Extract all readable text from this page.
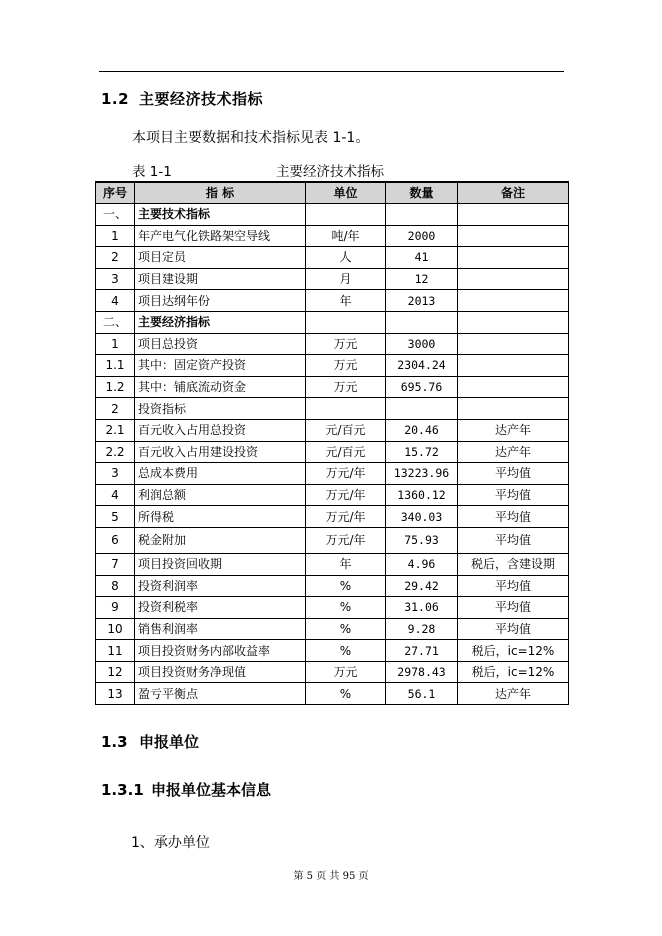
1.2 主要经济技术指标
本项目主要数据和技术指标见表 1-1。
表 1-1	主要经济技术指标
序号	指 标	单位	数量	备注
一、	主要技术指标			
1	年产电气化铁路架空导线	吨/年	2000	
2	项目定员	人	41	
3	项目建设期	月	12	
4	项目达纲年份	年	2013	
二、	主要经济指标			
1	项目总投资	万元	3000	
1.1	其中：固定资产投资	万元	2304.24	
1.2	其中：铺底流动资金	万元	695.76	
2	投资指标			
2.1	百元收入占用总投资	元/百元	20.46	达产年
2.2	百元收入占用建设投资	元/百元	15.72	达产年
3	总成本费用	万元/年	13223.96	平均值
4	利润总额	万元/年	1360.12	平均值
5	所得税	万元/年	340.03	平均值
6	税金附加	万元/年	75.93	平均值
7	项目投资回收期	年	4.96	税后，含建设期
8	投资利润率	%	29.42	平均值
9	投资利税率	%	31.06	平均值
10	销售利润率	%	9.28	平均值
11	项目投资财务内部收益率	%	27.71	税后，ic=12%
12	项目投资财务净现值	万元	2978.43	税后，ic=12%
13	盈亏平衡点	%	56.1	达产年
1.3 申报单位
1.3.1 申报单位基本信息
1、承办单位
第 5 页 共 95 页
